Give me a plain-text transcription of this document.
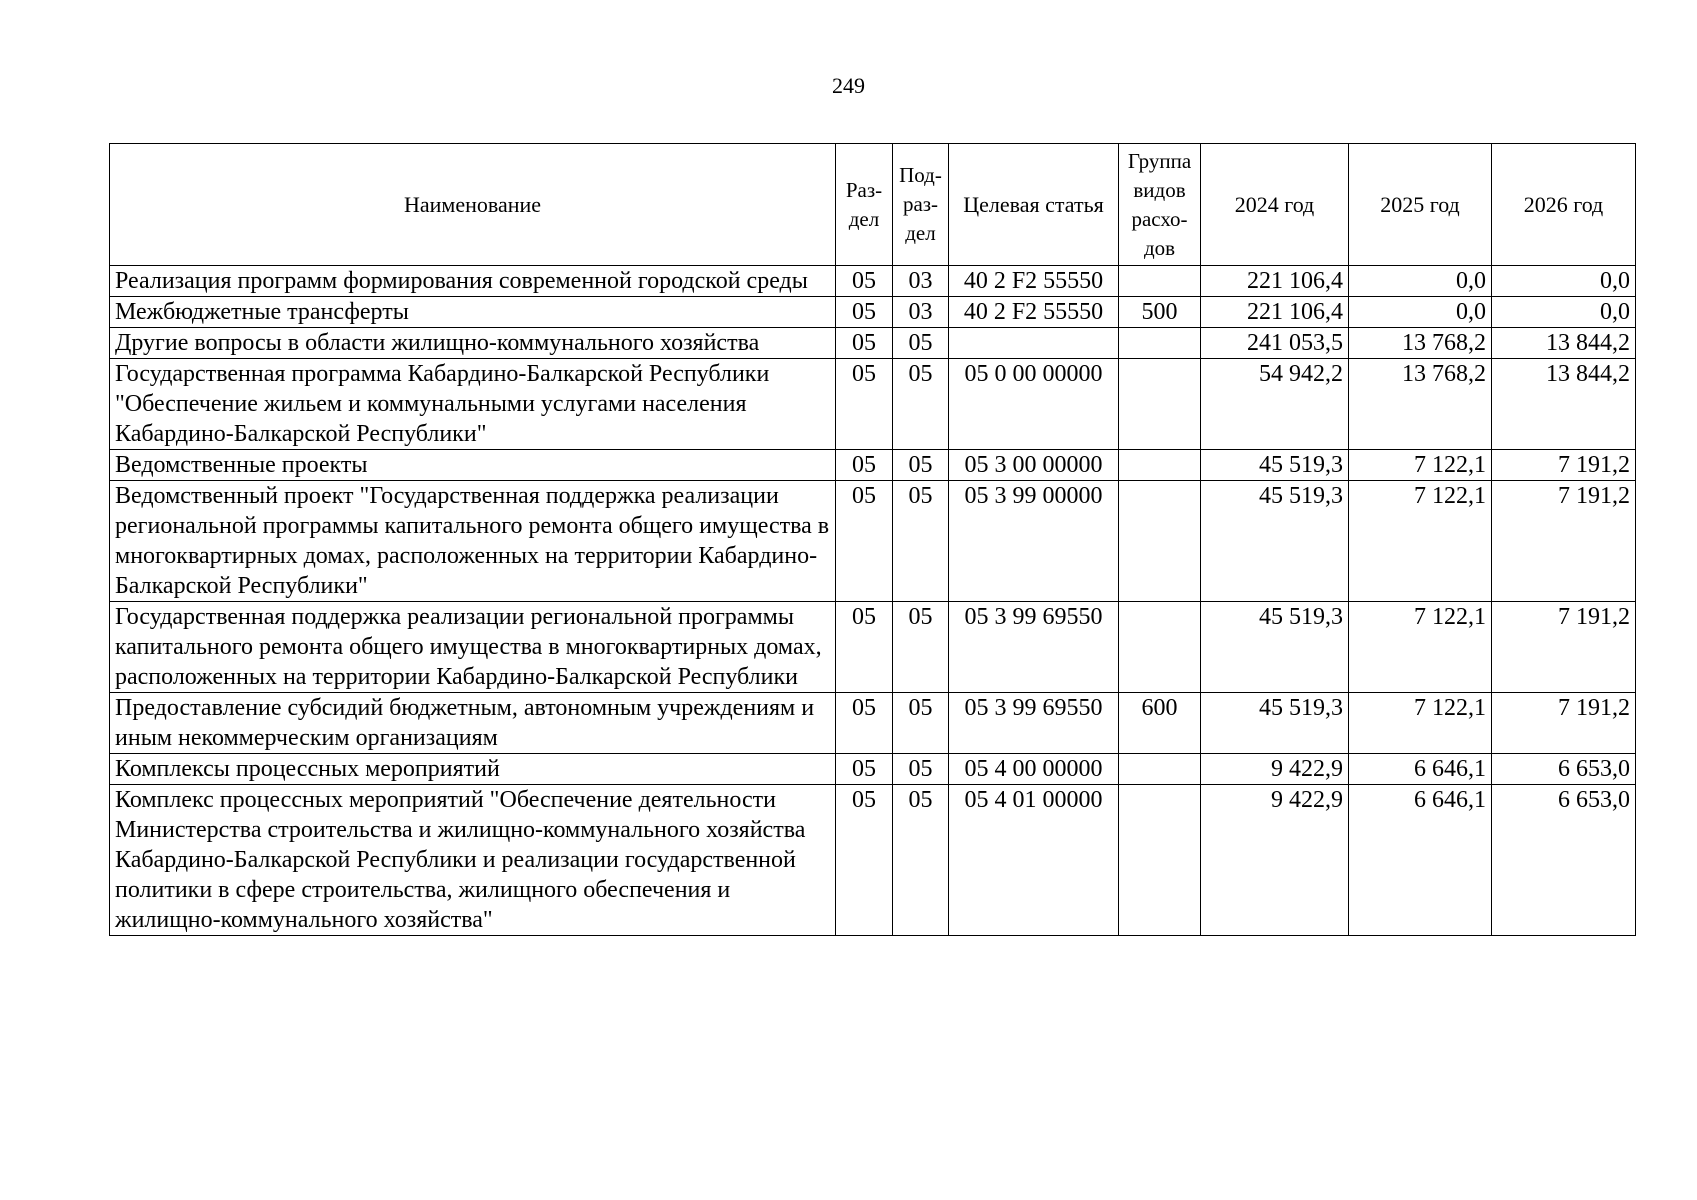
249
Наименование	Раз-дел	Под-раз-дел	Целевая статья	Группа видов расхо-дов	2024 год	2025 год	2026 год
Реализация программ формирования современной городской среды	05	03	40 2 F2 55550		221 106,4	0,0	0,0
Межбюджетные трансферты	05	03	40 2 F2 55550	500	221 106,4	0,0	0,0
Другие вопросы в области жилищно-коммунального хозяйства	05	05			241 053,5	13 768,2	13 844,2
Государственная программа Кабардино-Балкарской Республики "Обеспечение жильем и коммунальными услугами населения Кабардино-Балкарской Республики"	05	05	05 0 00 00000		54 942,2	13 768,2	13 844,2
Ведомственные проекты	05	05	05 3 00 00000		45 519,3	7 122,1	7 191,2
Ведомственный проект "Государственная поддержка реализации региональной программы капитального ремонта общего имущества в многоквартирных домах, расположенных на территории Кабардино-Балкарской Республики"	05	05	05 3 99 00000		45 519,3	7 122,1	7 191,2
Государственная поддержка реализации региональной программы капитального ремонта общего имущества в многоквартирных домах, расположенных на территории Кабардино-Балкарской Республики	05	05	05 3 99 69550		45 519,3	7 122,1	7 191,2
Предоставление субсидий бюджетным, автономным учреждениям и иным некоммерческим организациям	05	05	05 3 99 69550	600	45 519,3	7 122,1	7 191,2
Комплексы процессных мероприятий	05	05	05 4 00 00000		9 422,9	6 646,1	6 653,0
Комплекс процессных мероприятий "Обеспечение деятельности Министерства строительства и жилищно-коммунального хозяйства Кабардино-Балкарской Республики и реализации государственной политики в сфере строительства, жилищного обеспечения и жилищно-коммунального хозяйства"	05	05	05 4 01 00000		9 422,9	6 646,1	6 653,0
